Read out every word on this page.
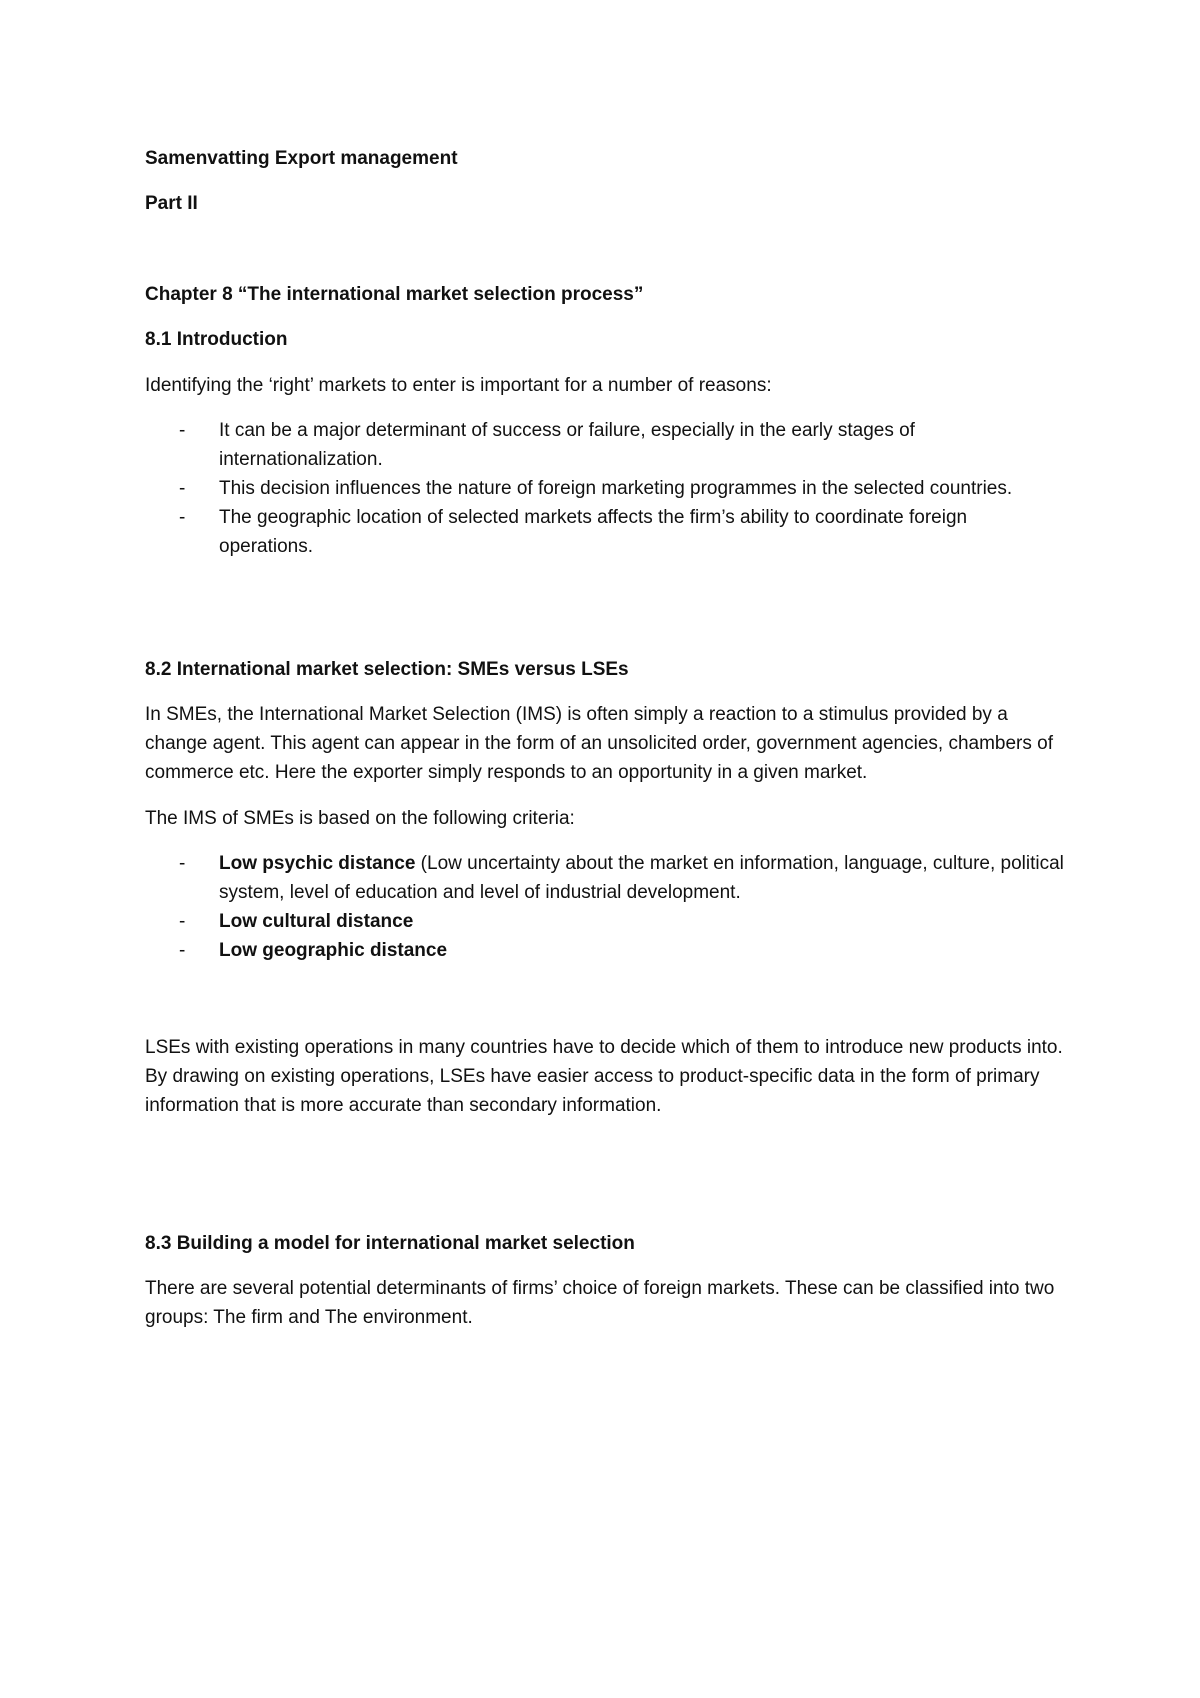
Samenvatting Export management

Part II

Chapter 8 “The international market selection process”

8.1 Introduction

Identifying the ‘right’ markets to enter is important for a number of reasons:

- It can be a major determinant of success or failure, especially in the early stages of internationalization.
- This decision influences the nature of foreign marketing programmes in the selected countries.
- The geographic location of selected markets affects the firm’s ability to coordinate foreign operations.

8.2 International market selection: SMEs versus LSEs

In SMEs, the International Market Selection (IMS) is often simply a reaction to a stimulus provided by a change agent. This agent can appear in the form of an unsolicited order, government agencies, chambers of commerce etc. Here the exporter simply responds to an opportunity in a given market.

The IMS of SMEs is based on the following criteria:

- Low psychic distance (Low uncertainty about the market en information, language, culture, political system, level of education and level of industrial development.
- Low cultural distance
- Low geographic distance

LSEs with existing operations in many countries have to decide which of them to introduce new products into. By drawing on existing operations, LSEs have easier access to product-specific data in the form of primary information that is more accurate than secondary information.

8.3 Building a model for international market selection

There are several potential determinants of firms’ choice of foreign markets. These can be classified into two groups: The firm and The environment.
